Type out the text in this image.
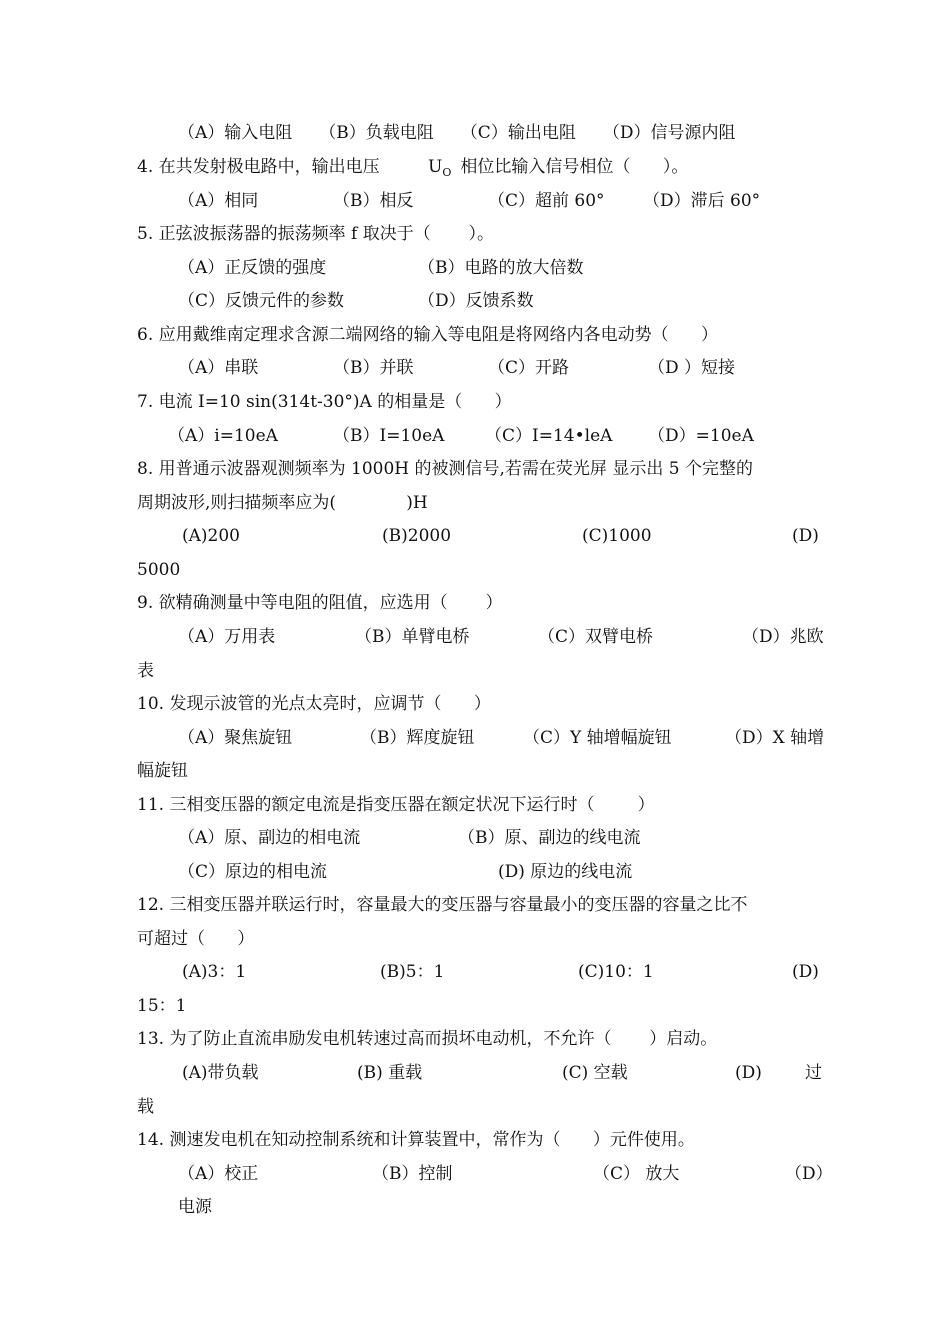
（A）输入电阻     （B）负载电阻     （C）输出电阻     （D）信号源内阻
4. 在共发射极电路中，输出电压	$U_O$ 相位比输入信号相位（      ）。
（A）相同	（B）相反	（C）超前 60° （D）滞后 60°
5. 正弦波振荡器的振荡频率 f 取决于（       ）。
（A）正反馈的强度	（B）电路的放大倍数
（C）反馈元件的参数	（D）反馈系数
6. 应用戴维南定理求含源二端网络的输入等电阻是将网络内各电动势（      ）
（A）串联	（B）并联	（C）开路	（D ）短接
7. 电流 I=10 sin(314t-30°)A 的相量是（      ）
（A）i=10eA	（B）I=10eA （C）I=14•leA （D）=10eA
8. 用普通示波器观测频率为 1000H 的被测信号,若需在荧光屏 显示出 5 个完整的
周期波形,则扫描频率应为(             )H
(A)200	(B)2000	(C)1000	(D)
5000
9. 欲精确测量中等电阻的阻值，应选用（       ）
（A）万用表	（B）单臂电桥	（C）双臂电桥	（D）兆欧
表
10. 发现示波管的光点太亮时，应调节（      ）
（A）聚焦旋钮	（B）辉度旋钮	（C）Y 轴增幅旋钮	（D）X 轴增
幅旋钮
11. 三相变压器的额定电流是指变压器在额定状况下运行时（        ）
（A）原、副边的相电流	（B）原、副边的线电流
（C）原边的相电流	(D) 原边的线电流
12. 三相变压器并联运行时，容量最大的变压器与容量最小的变压器的容量之比不
可超过（      ）
(A)3：1	(B)5：1	(C)10：1	(D)
15：1
13. 为了防止直流串励发电机转速过高而损坏电动机，不允许（       ）启动。
(A)带负载	(B) 重载	(C) 空载	(D)	过
载
14. 测速发电机在知动控制系统和计算装置中，常作为（      ）元件使用。
（A）校正	（B）控制	（C） 放大	（D）
电源
